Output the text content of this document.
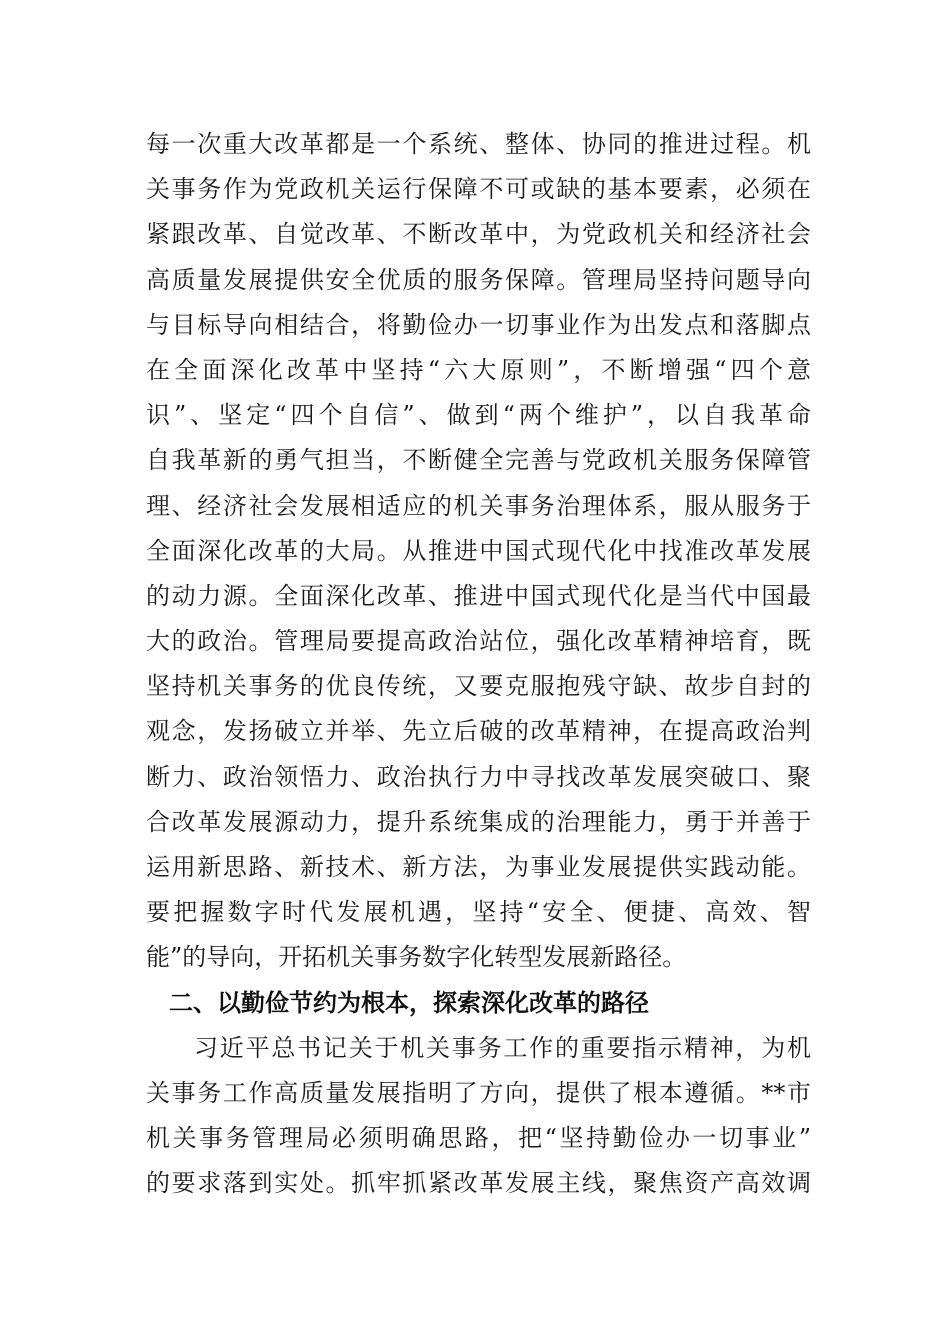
每一次重大改革都是一个系统、整体、协同的推进过程。机
关事务作为党政机关运行保障不可或缺的基本要素，必须在
紧跟改革、自觉改革、不断改革中，为党政机关和经济社会
高质量发展提供安全优质的服务保障。管理局坚持问题导向
与目标导向相结合，将勤俭办一切事业作为出发点和落脚点
在全面深化改革中坚持“六大原则”，不断增强“四个意
识”、坚定“四个自信”、做到“两个维护”，以自我革命
自我革新的勇气担当，不断健全完善与党政机关服务保障管
理、经济社会发展相适应的机关事务治理体系，服从服务于
全面深化改革的大局。从推进中国式现代化中找准改革发展
的动力源。全面深化改革、推进中国式现代化是当代中国最
大的政治。管理局要提高政治站位，强化改革精神培育，既
坚持机关事务的优良传统，又要克服抱残守缺、故步自封的
观念，发扬破立并举、先立后破的改革精神，在提高政治判
断力、政治领悟力、政治执行力中寻找改革发展突破口、聚
合改革发展源动力，提升系统集成的治理能力，勇于并善于
运用新思路、新技术、新方法，为事业发展提供实践动能。
要把握数字时代发展机遇，坚持“安全、便捷、高效、智
能”的导向，开拓机关事务数字化转型发展新路径。
二、以勤俭节约为根本，探索深化改革的路径
习近平总书记关于机关事务工作的重要指示精神，为机
关事务工作高质量发展指明了方向，提供了根本遵循。**市
机关事务管理局必须明确思路，把“坚持勤俭办一切事业”
的要求落到实处。抓牢抓紧改革发展主线，聚焦资产高效调
